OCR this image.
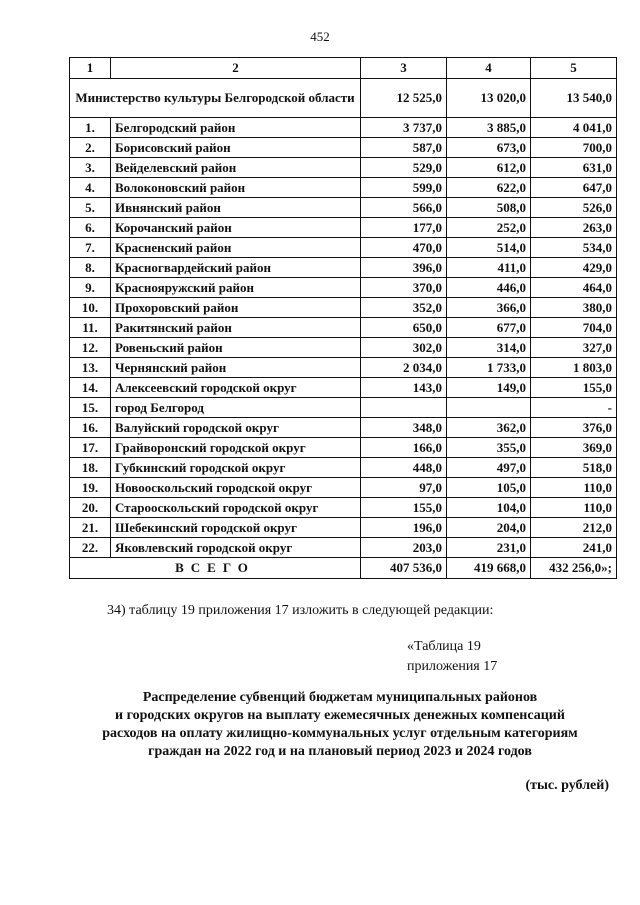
452
1	2	3	4	5
Министерство культуры Белгородской области		12 525,0	13 020,0	13 540,0
1.	Белгородский район	3 737,0	3 885,0	4 041,0
2.	Борисовский район	587,0	673,0	700,0
3.	Вейделевский район	529,0	612,0	631,0
4.	Волоконовский район	599,0	622,0	647,0
5.	Ивнянский район	566,0	508,0	526,0
6.	Корочанский район	177,0	252,0	263,0
7.	Красненский район	470,0	514,0	534,0
8.	Красногвардейский район	396,0	411,0	429,0
9.	Краснояружский район	370,0	446,0	464,0
10.	Прохоровский район	352,0	366,0	380,0
11.	Ракитянский район	650,0	677,0	704,0
12.	Ровеньский район	302,0	314,0	327,0
13.	Чернянский район	2 034,0	1 733,0	1 803,0
14.	Алексеевский городской округ	143,0	149,0	155,0
15.	город Белгород			-
16.	Валуйский городской округ	348,0	362,0	376,0
17.	Грайворонский городской округ	166,0	355,0	369,0
18.	Губкинский городской округ	448,0	497,0	518,0
19.	Новооскольский городской округ	97,0	105,0	110,0
20.	Старооскольский городской округ	155,0	104,0	110,0
21.	Шебекинский городской округ	196,0	204,0	212,0
22.	Яковлевский городской округ	203,0	231,0	241,0
ВСЕГО		407 536,0	419 668,0	432 256,0»;
34) таблицу 19 приложения 17 изложить в следующей редакции:
«Таблица 19
приложения 17
Распределение субвенций бюджетам муниципальных районов
и городских округов на выплату ежемесячных денежных компенсаций
расходов на оплату жилищно-коммунальных услуг отдельным категориям
граждан на 2022 год и на плановый период 2023 и 2024 годов
(тыс. рублей)
